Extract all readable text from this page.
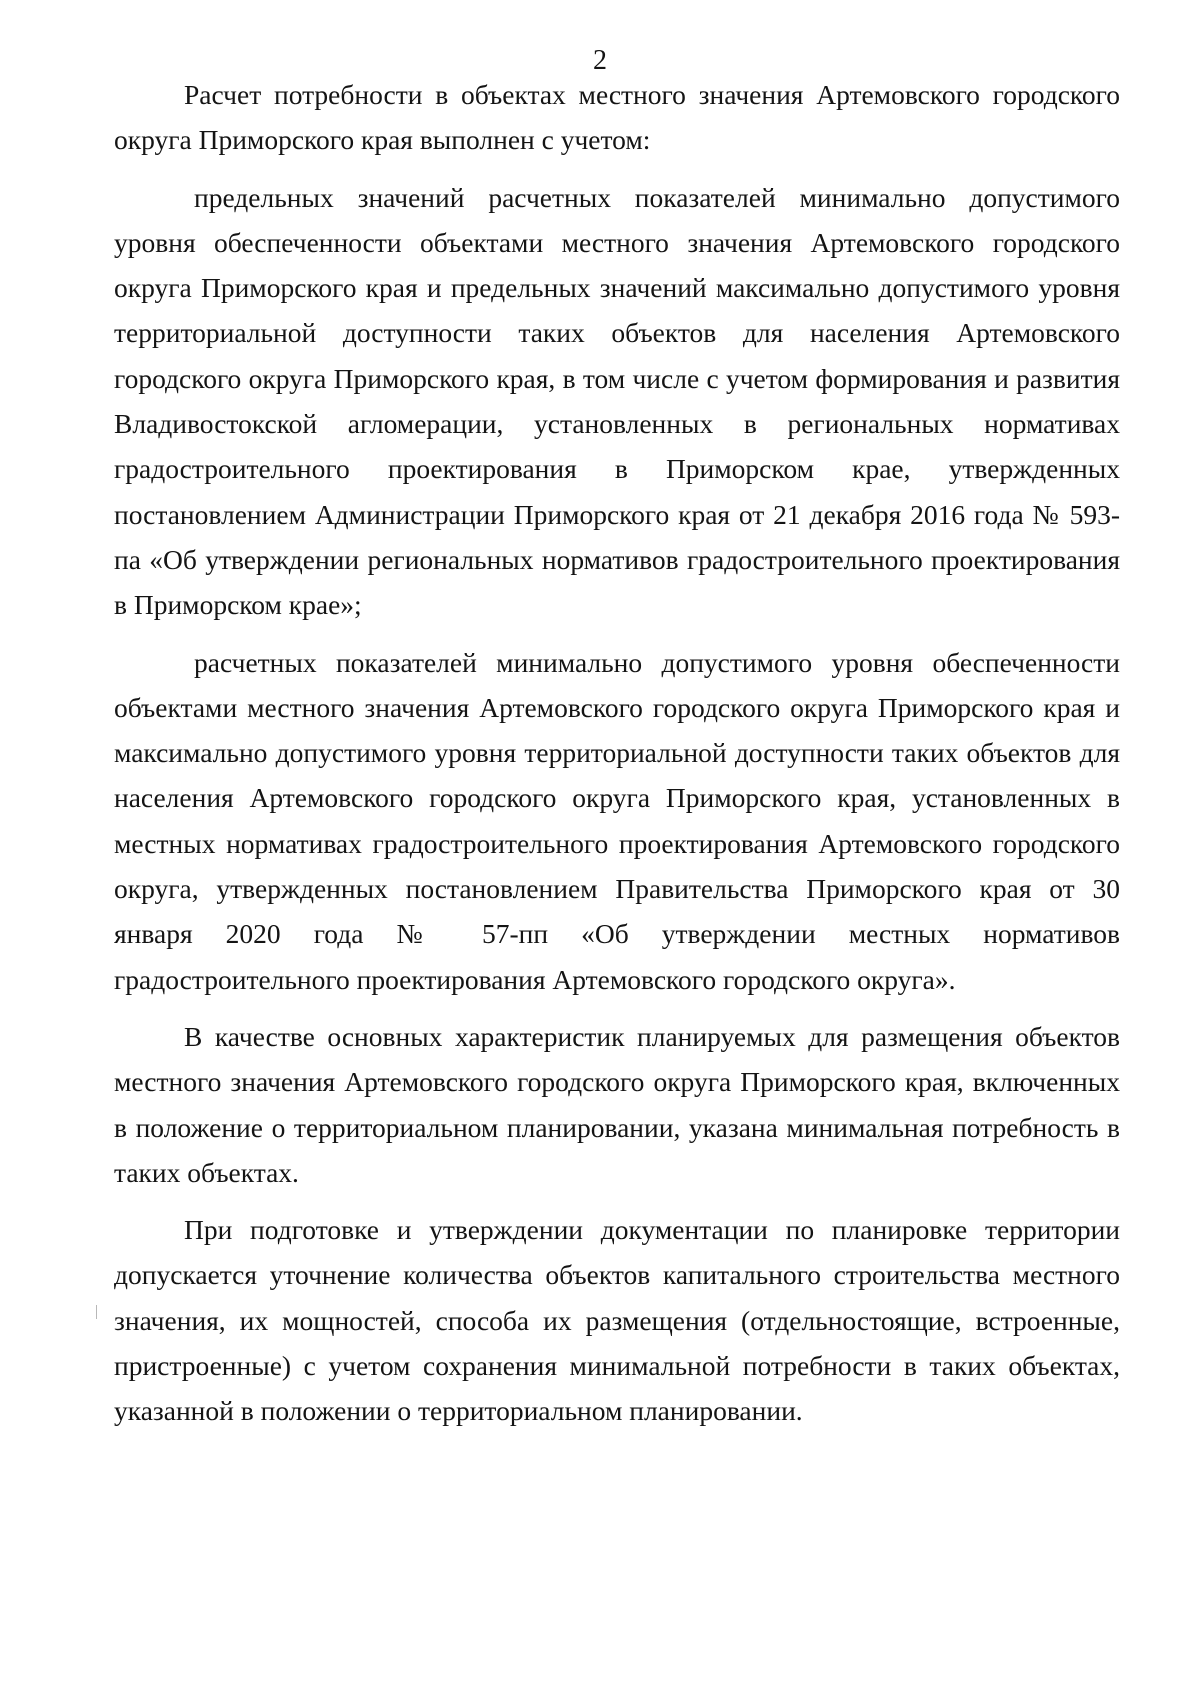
2

Расчет потребности в объектах местного значения Артемовского городского округа Приморского края выполнен с учетом:

предельных значений расчетных показателей минимально допустимого уровня обеспеченности объектами местного значения Артемовского городского округа Приморского края и предельных значений максимально допустимого уровня территориальной доступности таких объектов для населения Артемовского городского округа Приморского края, в том числе с учетом формирования и развития Владивостокской агломерации, установленных в региональных нормативах градостроительного проектирования в Приморском крае, утвержденных постановлением Администрации Приморского края от 21 декабря 2016 года № 593-па «Об утверждении региональных нормативов градостроительного проектирования в Приморском крае»;

расчетных показателей минимально допустимого уровня обеспеченности объектами местного значения Артемовского городского округа Приморского края и максимально допустимого уровня территориальной доступности таких объектов для населения Артемовского городского округа Приморского края, установленных в местных нормативах градостроительного проектирования Артемовского городского округа, утвержденных постановлением Правительства Приморского края от 30 января 2020 года № 57-пп «Об утверждении местных нормативов градостроительного проектирования Артемовского городского округа».

В качестве основных характеристик планируемых для размещения объектов местного значения Артемовского городского округа Приморского края, включенных в положение о территориальном планировании, указана минимальная потребность в таких объектах.

При подготовке и утверждении документации по планировке территории допускается уточнение количества объектов капитального строительства местного значения, их мощностей, способа их размещения (отдельностоящие, встроенные, пристроенные) с учетом сохранения минимальной потребности в таких объектах, указанной в положении о территориальном планировании.
